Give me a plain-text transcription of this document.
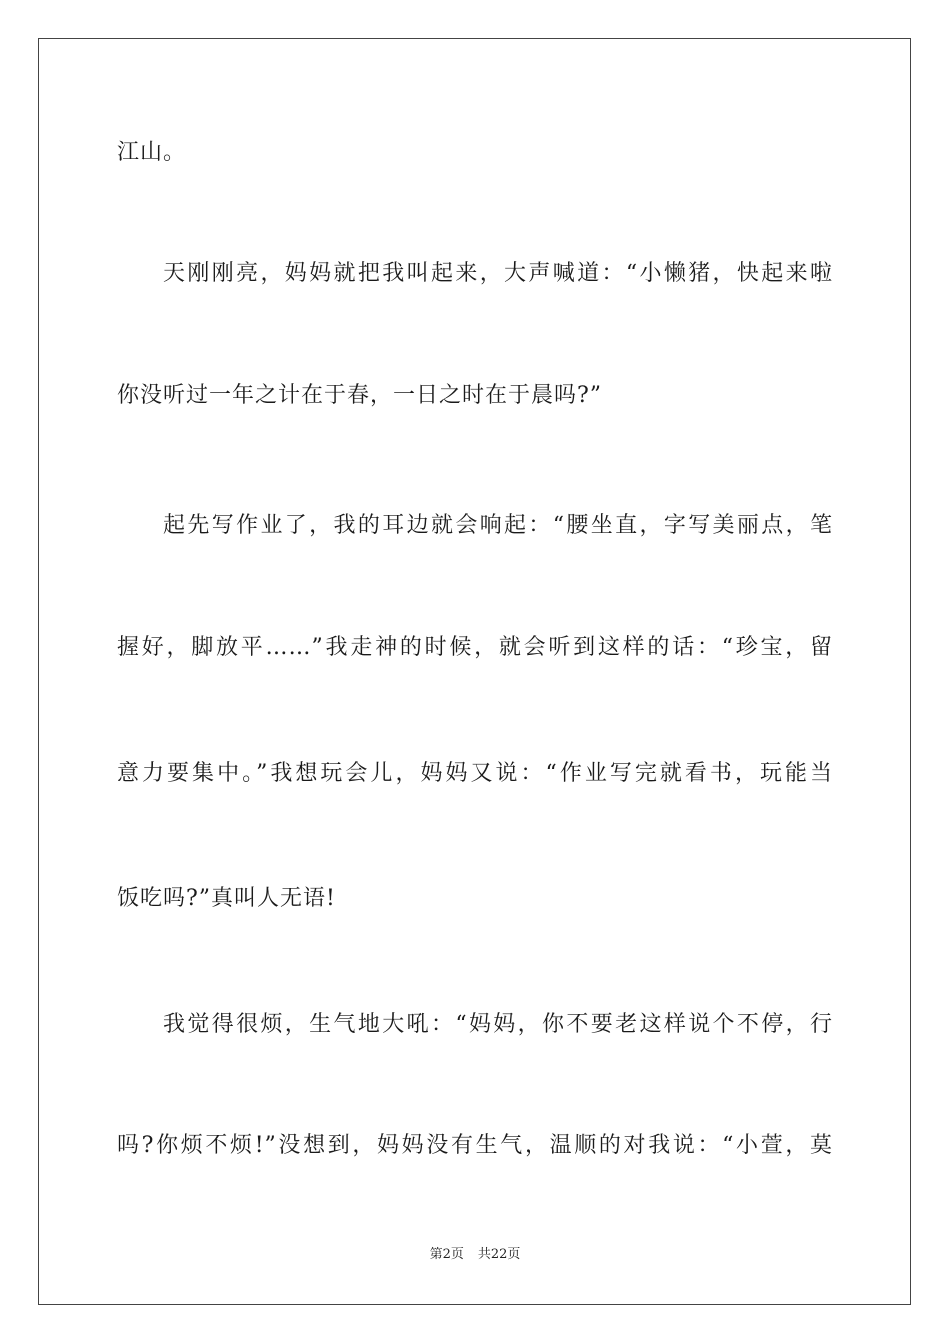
江山。
天刚刚亮，妈妈就把我叫起来，大声喊道：“小懒猪，快起来啦
你没听过一年之计在于春，一日之时在于晨吗?”
起先写作业了，我的耳边就会响起：“腰坐直，字写美丽点，笔
握好，脚放平……”我走神的时候，就会听到这样的话：“珍宝，留
意力要集中。”我想玩会儿，妈妈又说：“作业写完就看书，玩能当
饭吃吗?”真叫人无语!
我觉得很烦，生气地大吼：“妈妈，你不要老这样说个不停，行
吗?你烦不烦!”没想到，妈妈没有生气，温顺的对我说：“小萱，莫
第2页 共22页
